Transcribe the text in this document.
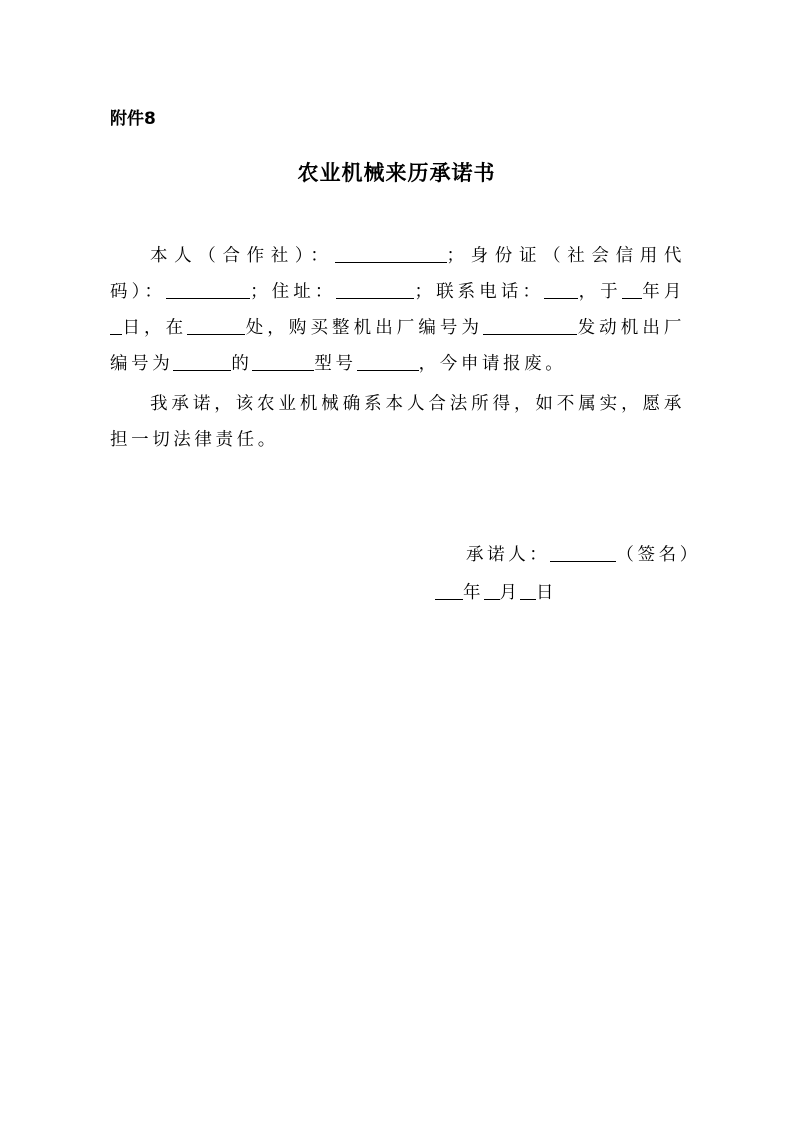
附件8
农业机械来历承诺书
本人（合作社）：	；身份证（社会信用代码）：	；住址：	；联系电话： ，于 年月日，在	处，购买整机出厂编号为	发动机出厂编号为	的	型号	，今申请报废。
我承诺，该农业机械确系本人合法所得，如不属实，愿承担一切法律责任。
承诺人：	（签名）
年 月 日
